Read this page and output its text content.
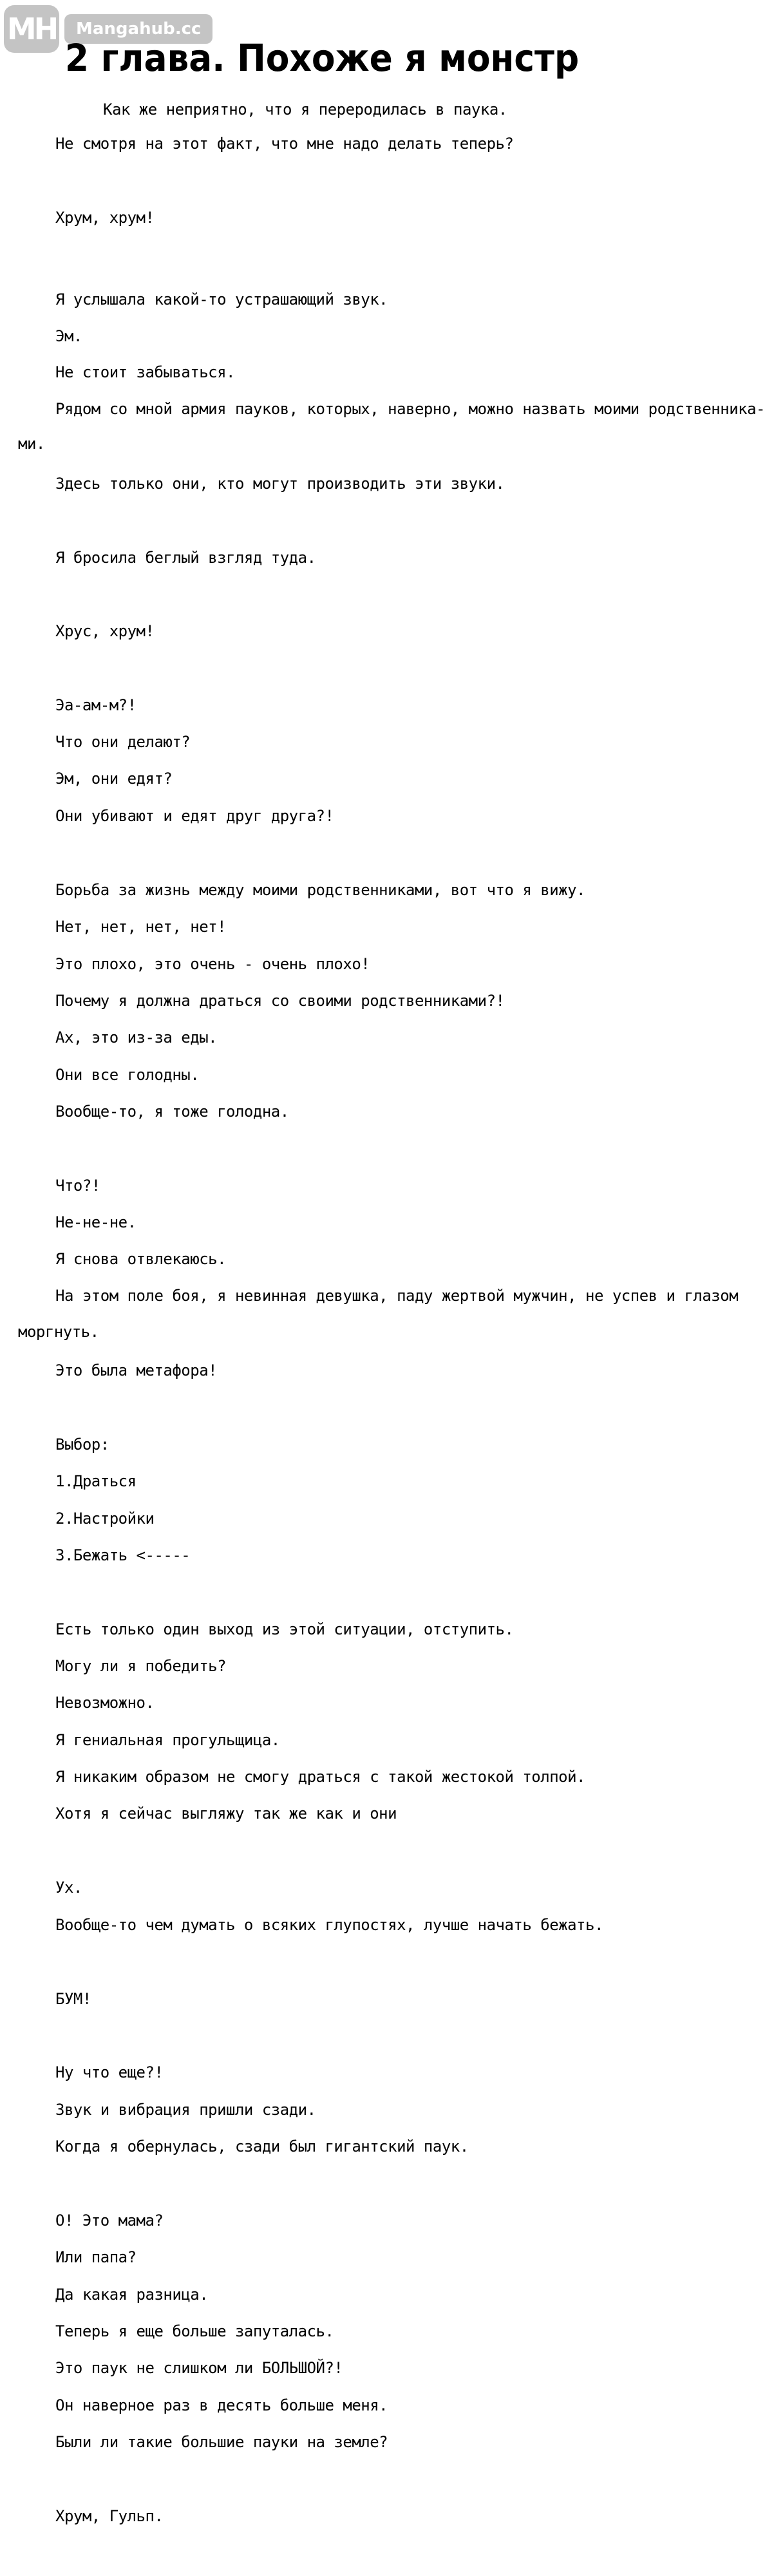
MH	Mangahub.cc
2 глава. Похоже я монстр
Как же неприятно, что я переродилась в паука.
Не смотря на этот факт, что мне надо делать теперь?
Хрум, хрум!
Я услышала какой-то устрашающий звук.
Эм.
Не стоит забываться.
Рядом со мной армия пауков, которых, наверно, можно назвать моими родственника-
ми.
Здесь только они, кто могут производить эти звуки.
Я бросила беглый взгляд туда.
Хрус, хрум!
Эа-ам-м?!
Что они делают?
Эм, они едят?
Они убивают и едят друг друга?!
Борьба за жизнь между моими родственниками, вот что я вижу.
Нет, нет, нет, нет!
Это плохо, это очень - очень плохо!
Почему я должна драться со своими родственниками?!
Ах, это из-за еды.
Они все голодны.
Вообще-то, я тоже голодна.
Что?!
Не-не-не.
Я снова отвлекаюсь.
На этом поле боя, я невинная девушка, паду жертвой мужчин, не успев и глазом
моргнуть.
Это была метафора!
Выбор:
1.Драться
2.Настройки
3.Бежать <-----
Есть только один выход из этой ситуации, отступить.
Могу ли я победить?
Невозможно.
Я гениальная прогульщица.
Я никаким образом не смогу драться с такой жестокой толпой.
Хотя я сейчас выгляжу так же как и они
Ух.
Вообще-то чем думать о всяких глупостях, лучше начать бежать.
БУМ!
Ну что еще?!
Звук и вибрация пришли сзади.
Когда я обернулась, сзади был гигантский паук.
О! Это мама?
Или папа?
Да какая разница.
Теперь я еще больше запуталась.
Это паук не слишком ли БОЛЬШОЙ?!
Он наверное раз в десять больше меня.
Были ли такие большие пауки на земле?
Хрум, Гульп.
